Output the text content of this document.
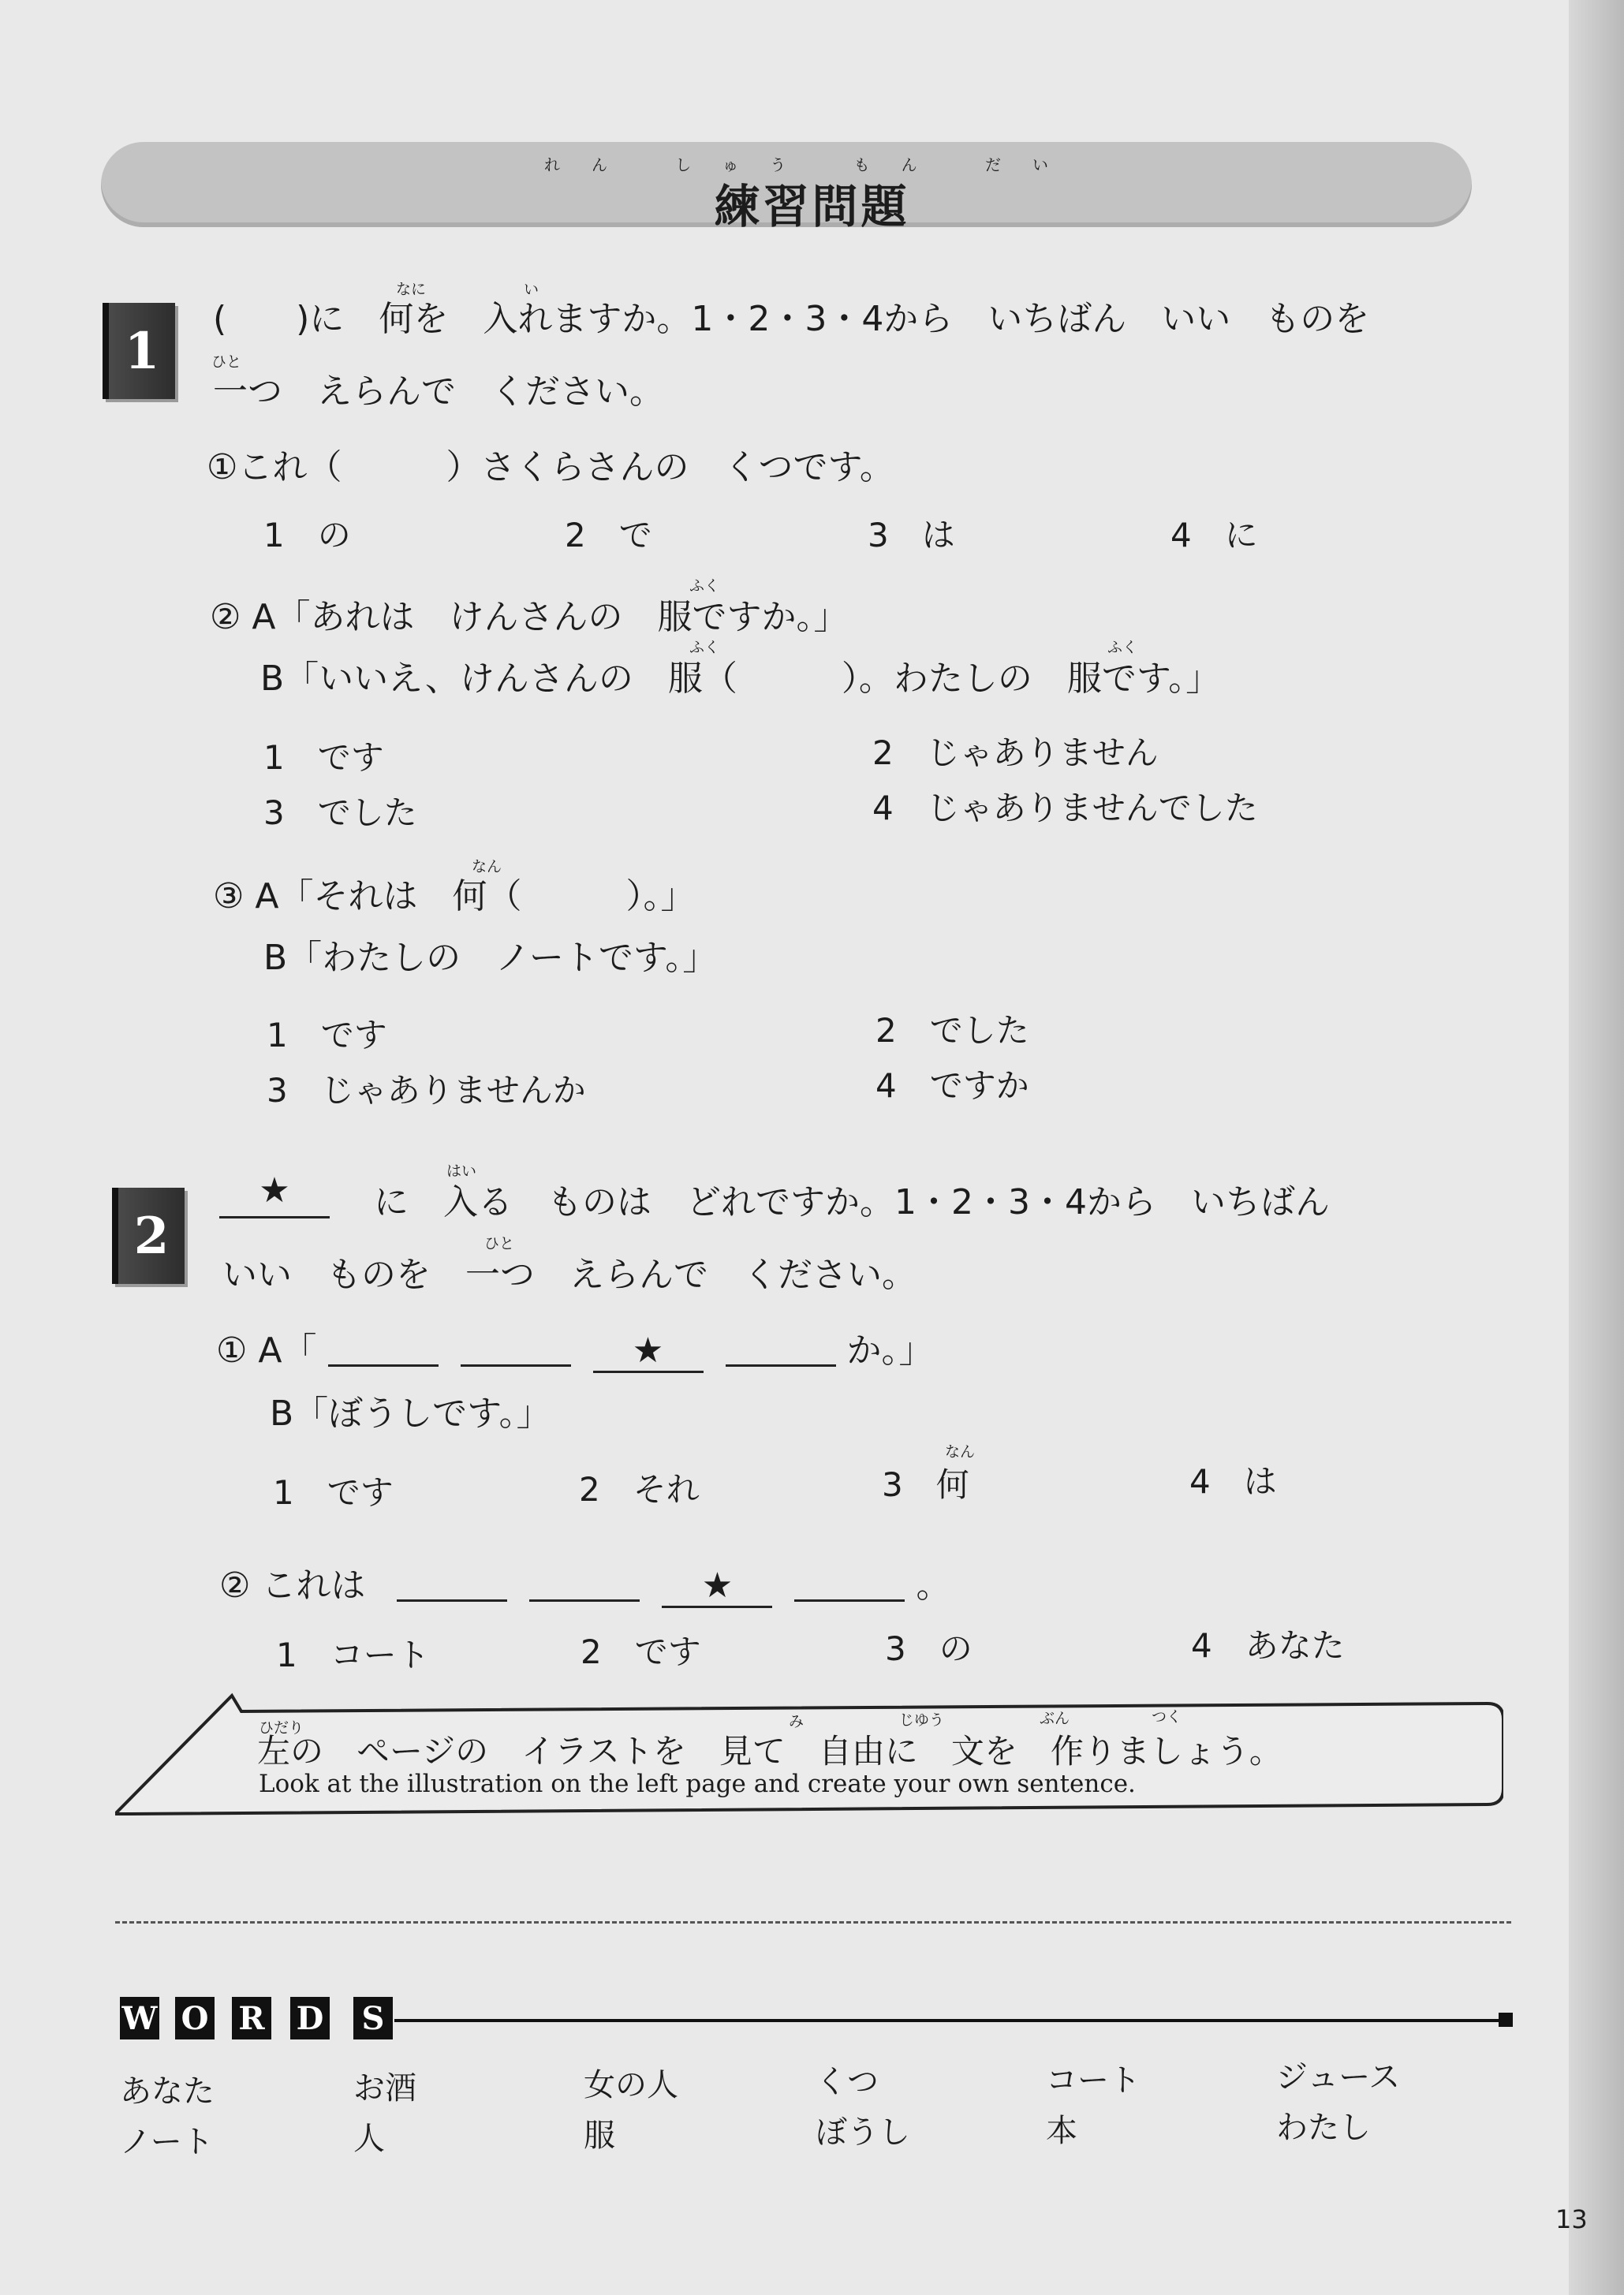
れん しゅう もん だい
練習問題
1
なに	い
(　　)に　何を　入れますか。1・2・3・4から　いちばん　いい　ものを
ひと
一つ　えらんで　ください。
①これ（　　　）さくらさんの　くつです。
1　の	2　で	3　は	4　に
ふく
② A「あれは　けんさんの　服ですか。」
ふく	ふく
B「いいえ、けんさんの　服（　　　）。わたしの　服です。」
1　です	2　じゃありません
3　でした	4　じゃありませんでした
なん
③ A「それは　何（　　　）。」
B「わたしの　ノートです。」
1　です	2　でした
3　じゃありませんか	4　ですか
2
★	はい
に　入る　ものは　どれですか。1・2・3・4から　いちばん
ひと
いい　ものを　一つ　えらんで　ください。
① A「	★	か。」
B「ぼうしです。」
なん
1　です	2　それ	3　何	4　は
② これは	★	。
1　コート	2　です	3　の	4　あなた
ひだり	み	じゆう	ぶん	つく
左の　ページの　イラストを　見て　自由に　文を　作りましょう。
Look at the illustration on the left page and create your own sentence.
W O R D S
あなた	お酒	女の人	くつ	コート	ジュース
ノート	人	服	ぼうし	本	わたし
13
